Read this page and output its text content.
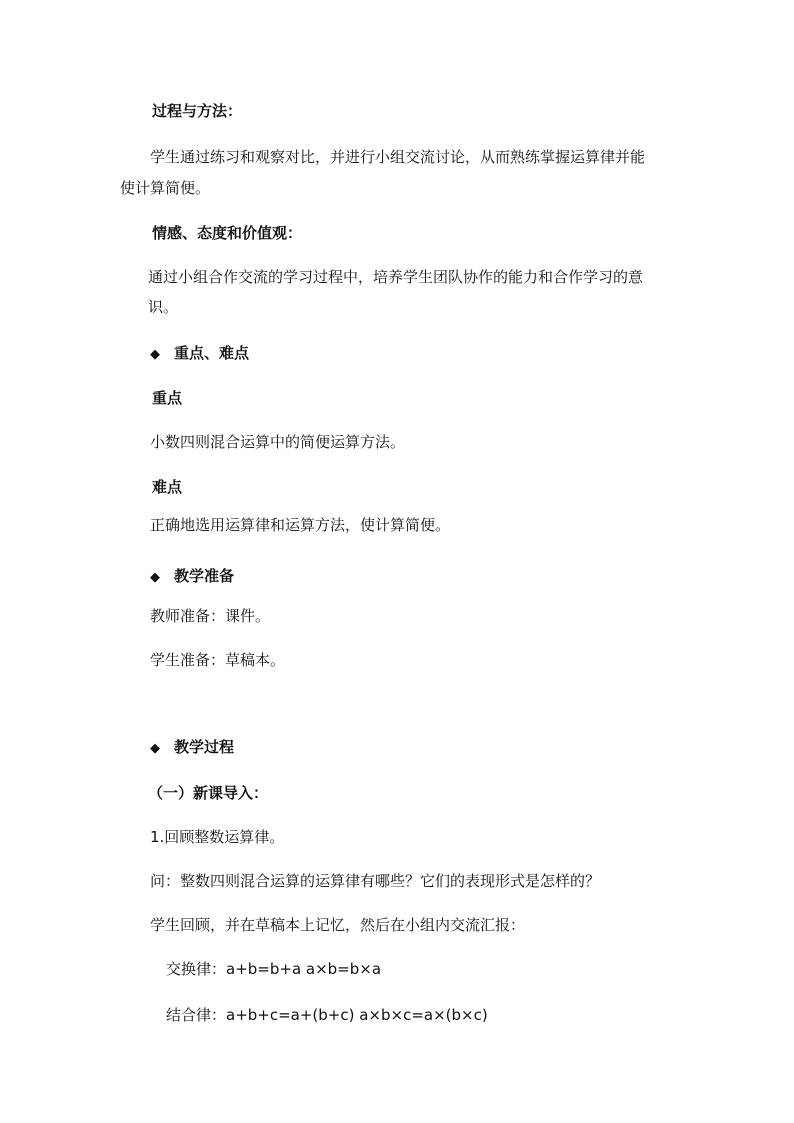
过程与方法：
学生通过练习和观察对比，并进行小组交流讨论，从而熟练掌握运算律并能
使计算简便。
情感、态度和价值观：
通过小组合作交流的学习过程中，培养学生团队协作的能力和合作学习的意
识。
◆ 重点、难点
重点
小数四则混合运算中的简便运算方法。
难点
正确地选用运算律和运算方法，使计算简便。
◆ 教学准备
教师准备：课件。
学生准备：草稿本。
◆ 教学过程
（一）新课导入：
1.回顾整数运算律。
问：整数四则混合运算的运算律有哪些？它们的表现形式是怎样的？
学生回顾，并在草稿本上记忆，然后在小组内交流汇报：
交换律：a+b=b+a a×b=b×a
结合律：a+b+c=a+(b+c) a×b×c=a×(b×c)
